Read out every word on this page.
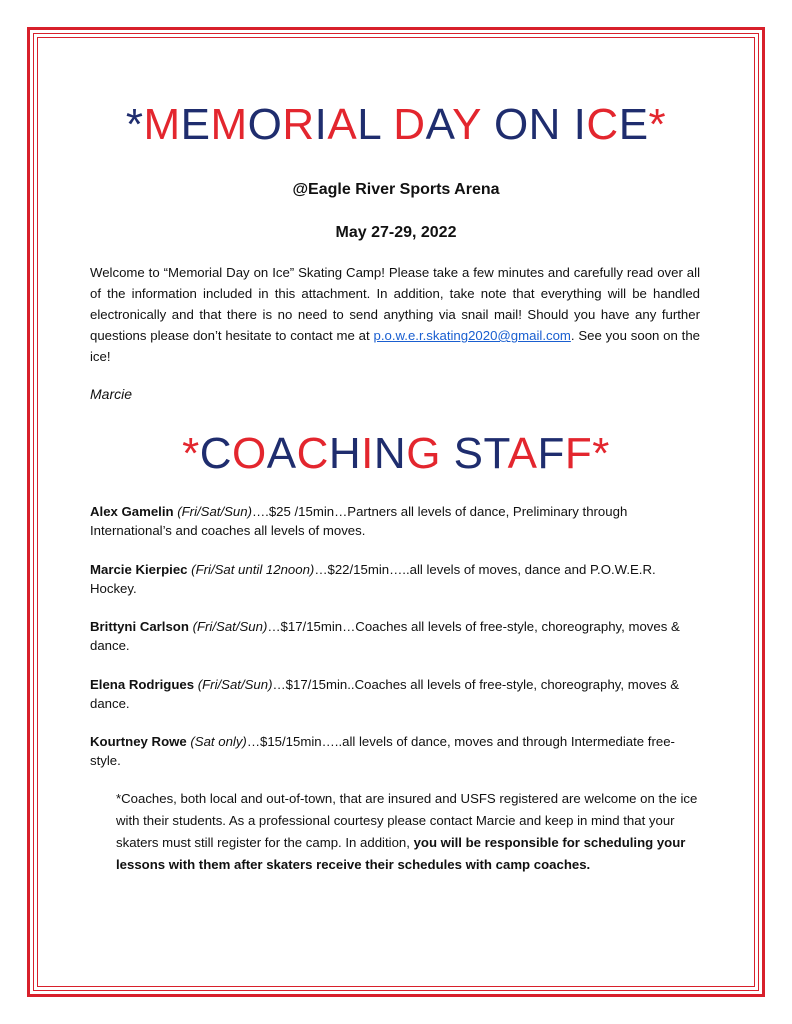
*MEMORIAL DAY ON ICE*
@Eagle River Sports Arena
May 27-29, 2022
Welcome to “Memorial Day on Ice” Skating Camp! Please take a few minutes and carefully read over all of the information included in this attachment. In addition, take note that everything will be handled electronically and that there is no need to send anything via snail mail! Should you have any further questions please don’t hesitate to contact me at p.o.w.e.r.skating2020@gmail.com. See you soon on the ice!
Marcie
*COACHING STAFF*
Alex Gamelin (Fri/Sat/Sun)….$25 /15min…Partners all levels of dance, Preliminary through International’s and coaches all levels of moves.
Marcie Kierpiec (Fri/Sat until 12noon)…$22/15min…..all levels of moves, dance and P.O.W.E.R. Hockey.
Brittyni Carlson (Fri/Sat/Sun)…$17/15min…Coaches all levels of free-style, choreography, moves & dance.
Elena Rodrigues (Fri/Sat/Sun)…$17/15min..Coaches all levels of free-style, choreography, moves & dance.
Kourtney Rowe (Sat only)…$15/15min…..all levels of dance, moves and through Intermediate free-style.
*Coaches, both local and out-of-town, that are insured and USFS registered are welcome on the ice with their students. As a professional courtesy please contact Marcie and keep in mind that your skaters must still register for the camp. In addition, you will be responsible for scheduling your lessons with them after skaters receive their schedules with camp coaches.
